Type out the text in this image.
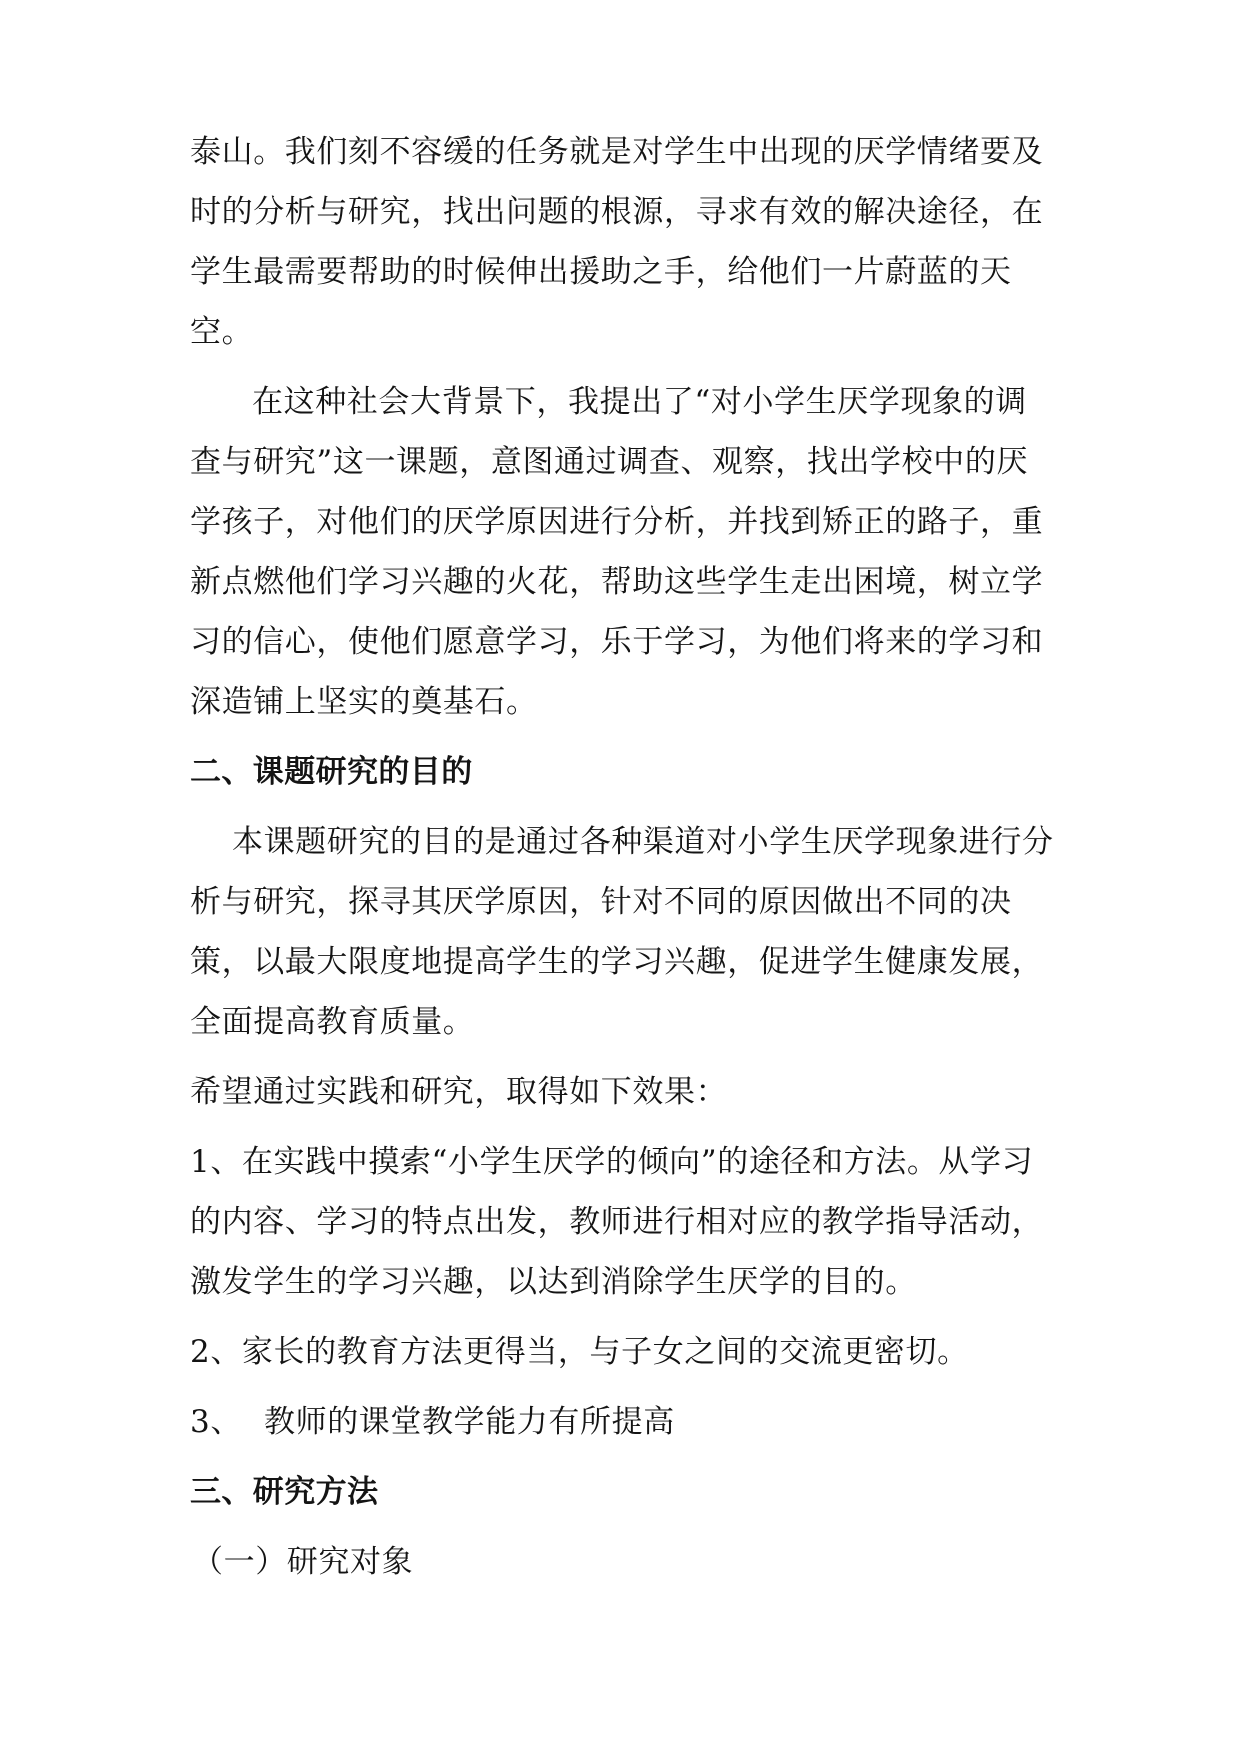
泰山。我们刻不容缓的任务就是对学生中出现的厌学情绪要及
时的分析与研究，找出问题的根源，寻求有效的解决途径，在
学生最需要帮助的时候伸出援助之手，给他们一片蔚蓝的天
空。
在这种社会大背景下，我提出了“对小学生厌学现象的调
查与研究”这一课题，意图通过调查、观察，找出学校中的厌
学孩子，对他们的厌学原因进行分析，并找到矫正的路子，重
新点燃他们学习兴趣的火花，帮助这些学生走出困境，树立学
习的信心，使他们愿意学习，乐于学习，为他们将来的学习和
深造铺上坚实的奠基石。
二、课题研究的目的
本课题研究的目的是通过各种渠道对小学生厌学现象进行分
析与研究，探寻其厌学原因，针对不同的原因做出不同的决
策，以最大限度地提高学生的学习兴趣，促进学生健康发展，
全面提高教育质量。
希望通过实践和研究，取得如下效果：
1、在实践中摸索“小学生厌学的倾向”的途径和方法。从学习
的内容、学习的特点出发，教师进行相对应的教学指导活动，
激发学生的学习兴趣，以达到消除学生厌学的目的。
2、家长的教育方法更得当，与子女之间的交流更密切。
3、 教师的课堂教学能力有所提高
三、研究方法
（一）研究对象
